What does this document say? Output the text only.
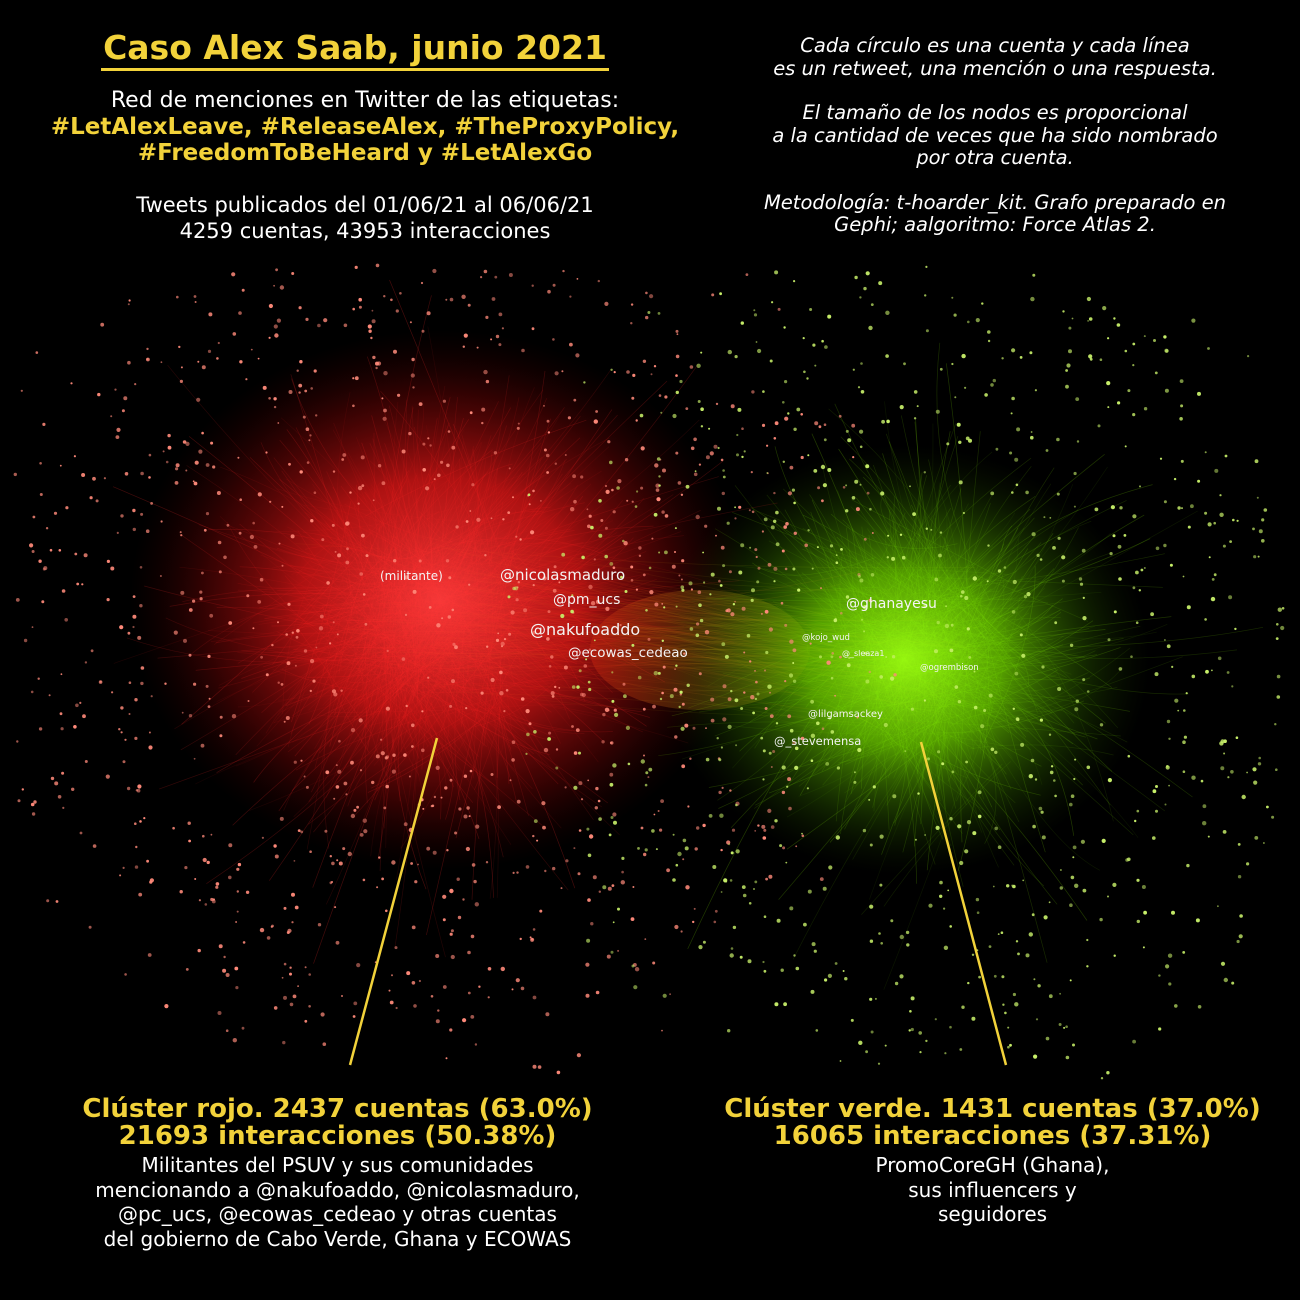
(militante)	@nicolasmaduro
@pm_ucs
@nakufoaddo
@ecowas_cedeao
@ghanayesu
@kojo_wud
@_sleaza1
@ogrembison
@lilgamsackey
@_stevemensa
Caso Alex Saab, junio 2021
Red de menciones en Twitter de las etiquetas:
#LetAlexLeave, #ReleaseAlex, #TheProxyPolicy,
#FreedomToBeHeard y #LetAlexGo
Tweets publicados del 01/06/21 al 06/06/21
4259 cuentas, 43953 interacciones

Cada círculo es una cuenta y cada línea
es un retweet, una mención o una respuesta.

El tamaño de los nodos es proporcional
a la cantidad de veces que ha sido nombrado
por otra cuenta.

Metodología: t-hoarder_kit. Grafo preparado en
Gephi; aalgoritmo: Force Atlas 2.

Clúster rojo. 2437 cuentas (63.0%)
21693 interacciones (50.38%)
Militantes del PSUV y sus comunidades
mencionando a @nakufoaddo, @nicolasmaduro,
@pc_ucs, @ecowas_cedeao y otras cuentas
del gobierno de Cabo Verde, Ghana y ECOWAS
Clúster verde. 1431 cuentas (37.0%)
16065 interacciones (37.31%)
PromoCoreGH (Ghana),
sus influencers y
seguidores
